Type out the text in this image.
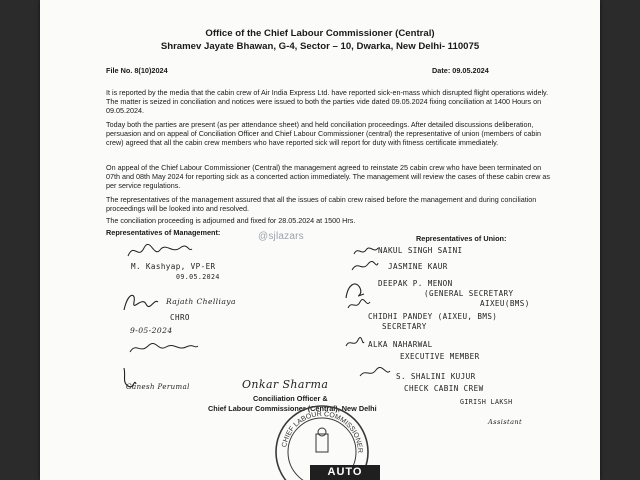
Office of the Chief Labour Commissioner (Central)
Shramev Jayate Bhawan, G-4, Sector – 10, Dwarka, New Delhi- 110075
File No. 8(10)2024	Date: 09.05.2024
It is reported by the media that the cabin crew of Air India Express Ltd. have reported sick-en-mass which disrupted flight operations widely. The matter is seized in conciliation and notices were issued to both the parties vide dated 09.05.2024 fixing conciliation at 1400 Hours on 09.05.2024.
Today both the parties are present (as per attendance sheet) and held conciliation proceedings. After detailed discussions deliberation, persuasion and on appeal of Conciliation Officer and Chief Labour Commissioner (central) the representative of union (members of cabin crew) agreed that all the cabin crew members who have reported sick will report for duty with fitness certificate immediately.
On appeal of the Chief Labour Commissioner (Central) the management agreed to reinstate 25 cabin crew who have been terminated on 07th and 08th May 2024 for reporting sick as a concerted action immediately. The management will review the cases of these cabin crew as per service regulations.
The representatives of the management assured that all the issues of cabin crew raised before the management and during conciliation proceedings will be looked into and resolved.
The conciliation proceeding is adjourned and fixed for 28.05.2024 at 1500 Hrs.
Representatives of Management:
Representatives of Union:
@sjlazars
M. Kashyap, VP-ER
09.05.2024
Rajath Chelliaya
CHRO
9-05-2024
Ganesh Perumal	Onkar Sharma
Conciliation Officer &
Chief Labour Commissioner (Central), New Delhi
NAKUL SINGH SAINI
JASMINE KAUR
DEEPAK P. MENON
(GENERAL SECRETARY
AIXEU(BMS)
CHIDHI PANDEY (AIXEU, BMS)
SECRETARY
ALKA NAHARWAL
EXECUTIVE MEMBER
S. SHALINI KUJUR
CHECK CABIN CREW
GIRISH LAKSH
Assistant
CHIEF LABOUR COMMISSIONER
AUTO
